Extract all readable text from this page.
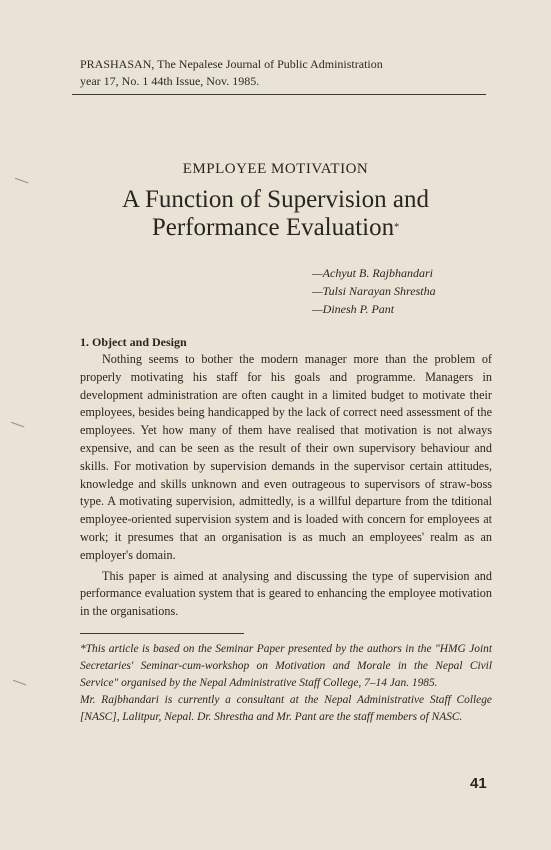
PRASHASAN, The Nepalese Journal of Public Administration
year 17, No. 1 44th Issue, Nov. 1985.
EMPLOYEE MOTIVATION
A Function of Supervision and
Performance Evaluation*
—Achyut B. Rajbhandari
—Tulsi Narayan Shrestha
—Dinesh P. Pant
1. Object and Design

Nothing seems to bother the modern manager more than the problem of properly motivating his staff for his goals and programme. Managers in development administration are often caught in a limited budget to motivate their employees, besides being handicapped by the lack of correct need assessment of the employees. Yet how many of them have realised that motivation is not always expensive, and can be seen as the result of their own supervisory behaviour and skills. For motivation by supervision demands in the supervisor certain attitudes, knowledge and skills unknown and even outrageous to supervisors of straw-boss type. A motivating supervision, admittedly, is a willful departure from the tditional employee-oriented supervision system and is loaded with concern for employees at work; it presumes that an organisation is as much an employees' realm as an employer's domain.

This paper is aimed at analysing and discussing the type of supervision and performance evaluation system that is geared to enhancing the employee motivation in the organisations.

*This article is based on the Seminar Paper presented by the authors in the "HMG Joint Secretaries' Seminar-cum-workshop on Motivation and Morale in the Nepal Civil Service" organised by the Nepal Administrative Staff College, 7–14 Jan. 1985.

Mr. Rajbhandari is currently a consultant at the Nepal Administrative Staff College [NASC], Lalitpur, Nepal. Dr. Shrestha and Mr. Pant are the staff members of NASC.

41
